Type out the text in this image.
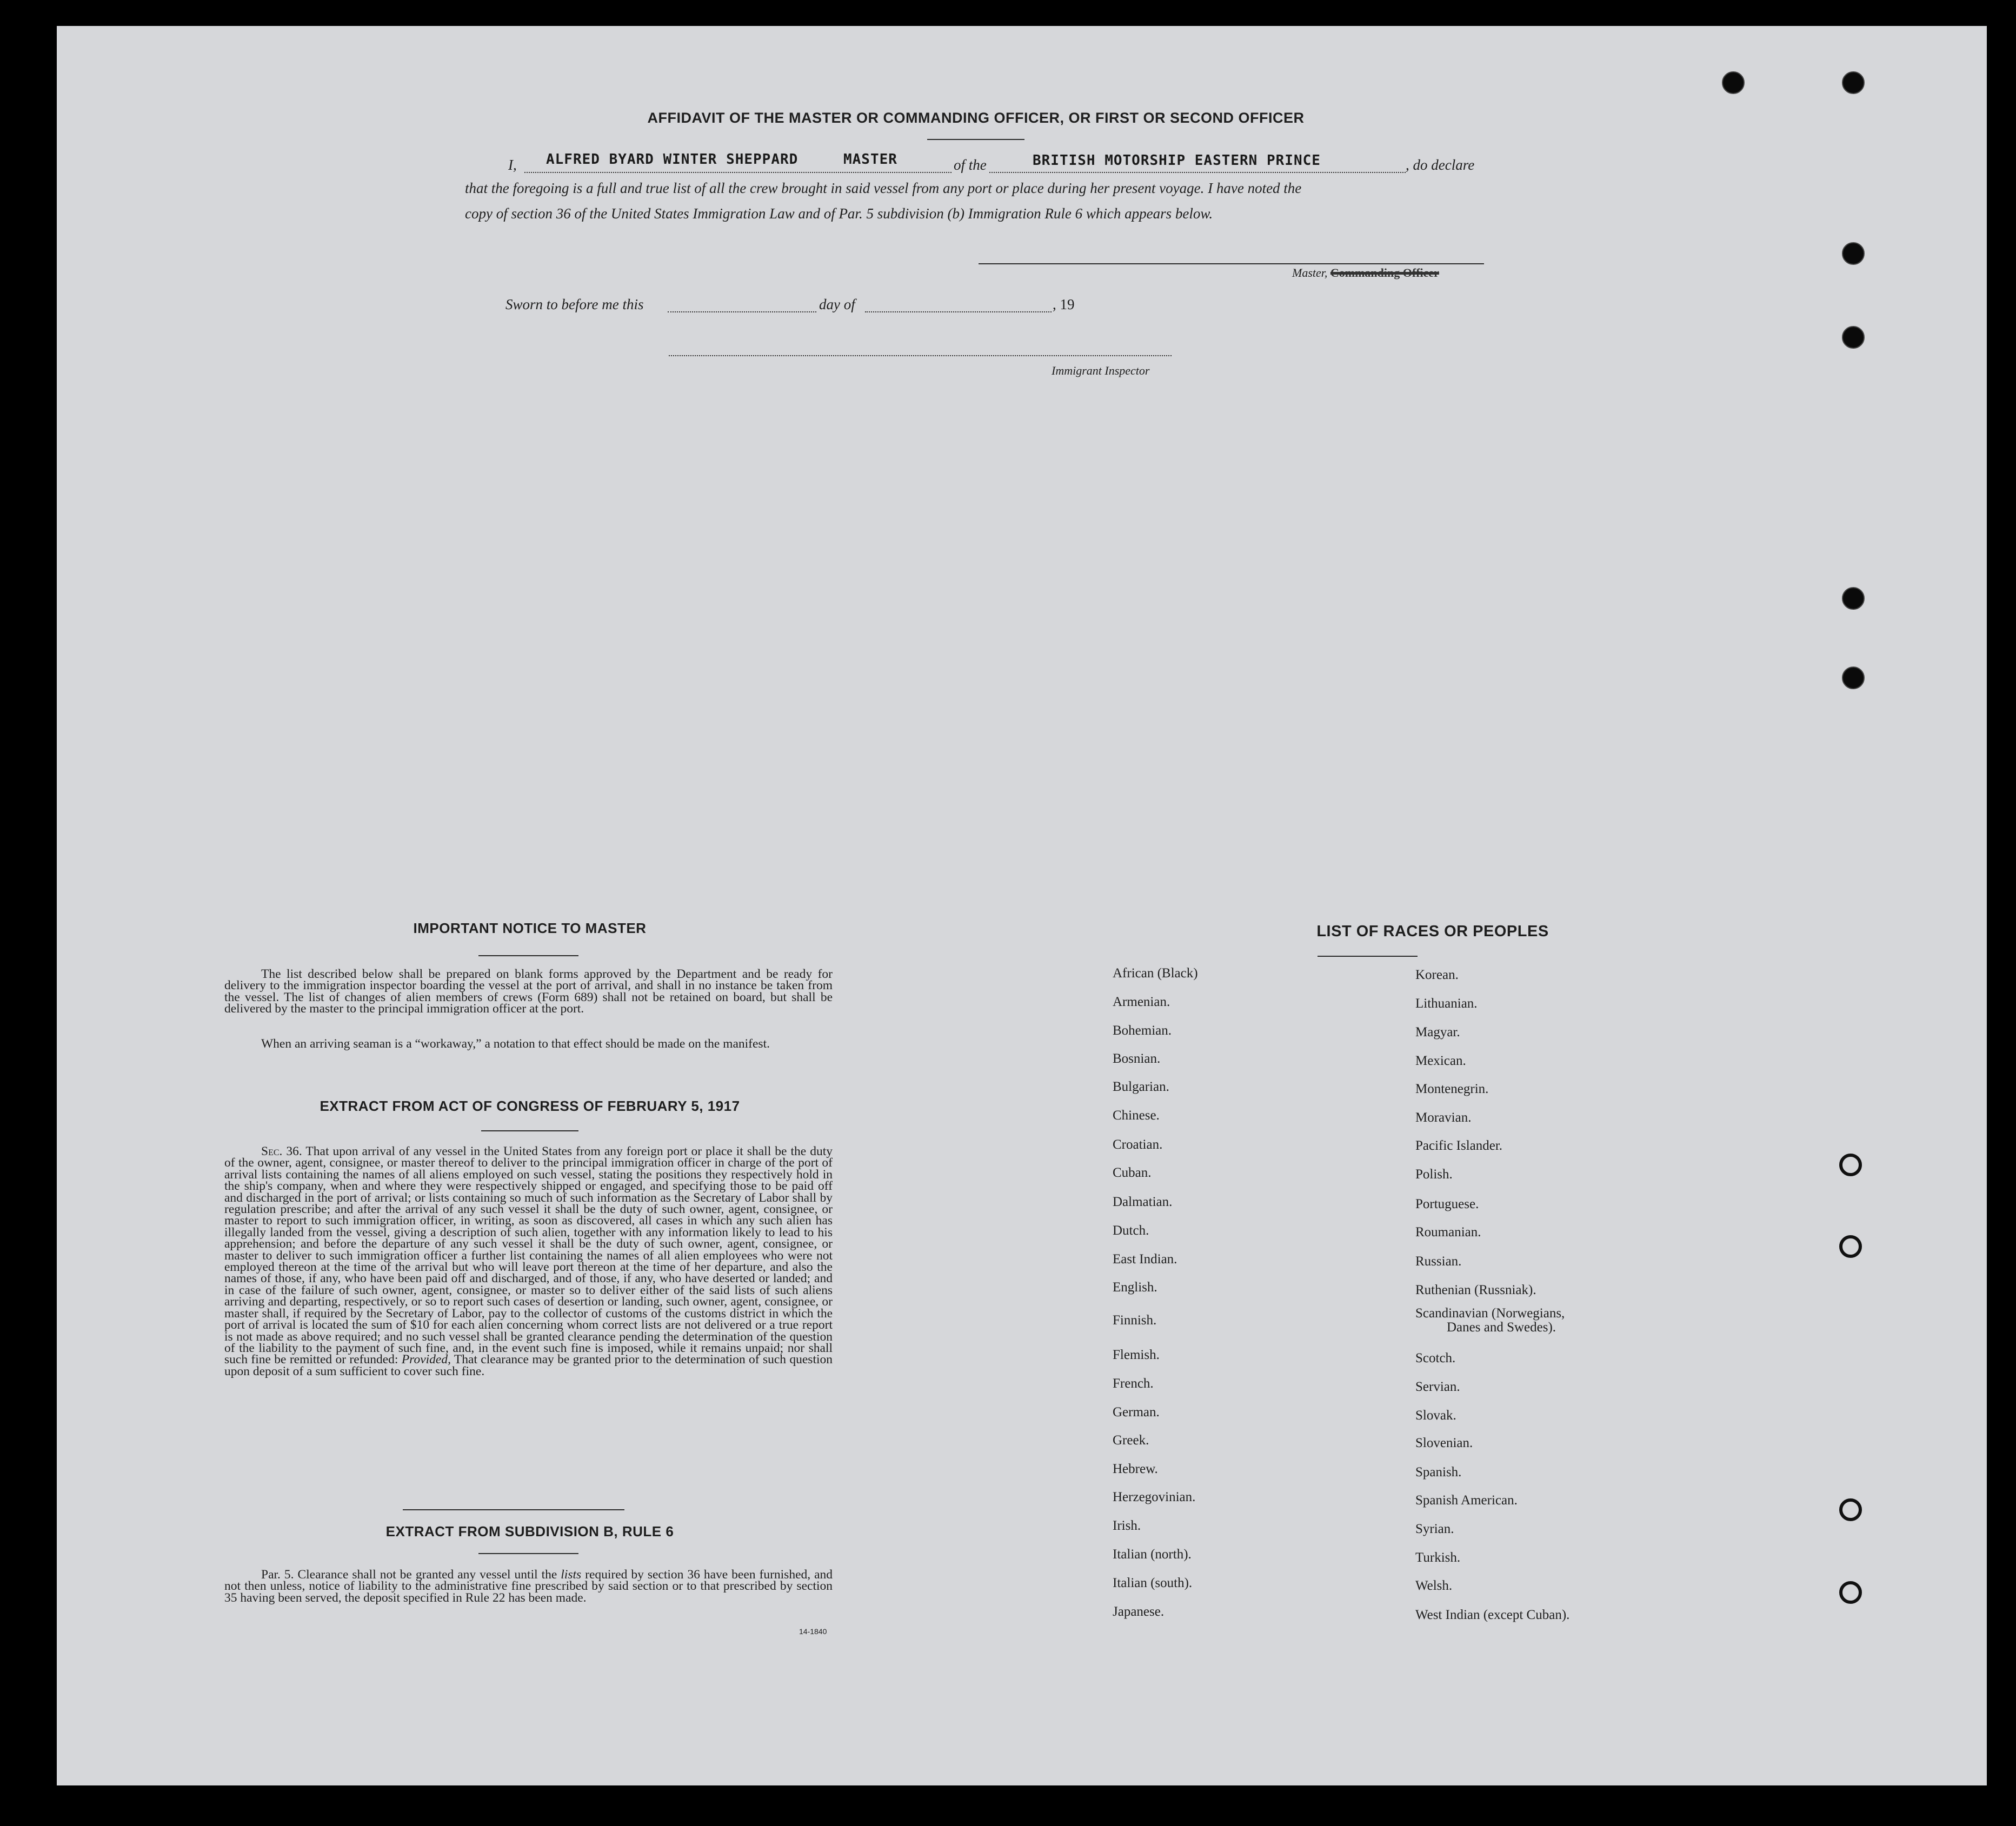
AFFIDAVIT OF THE MASTER OR COMMANDING OFFICER, OR FIRST OR SECOND OFFICER
I, ALFRED BYARD WINTER SHEPPARD	MASTER	of the	BRITISH MOTORSHIP EASTERN PRINCE	, do declare
that the foregoing is a full and true list of all the crew brought in said vessel from any port or place during her present voyage. I have noted the
copy of section 36 of the United States Immigration Law and of Par. 5 subdivision (b) Immigration Rule 6 which appears below.
Master, Commanding Officer
Sworn to before me this	day of	, 19
Immigrant Inspector
IMPORTANT NOTICE TO MASTER
The list described below shall be prepared on blank forms approved by the Department and be ready for delivery to the immigration inspector boarding the vessel at the port of arrival, and shall in no instance be taken from the vessel. The list of changes of alien members of crews (Form 689) shall not be retained on board, but shall be delivered by the master to the principal immigration officer at the port.
When an arriving seaman is a “workaway,” a notation to that effect should be made on the manifest.
EXTRACT FROM ACT OF CONGRESS OF FEBRUARY 5, 1917
Sec. 36. That upon arrival of any vessel in the United States from any foreign port or place it shall be the duty of the owner, agent, consignee, or master thereof to deliver to the principal immigration officer in charge of the port of arrival lists containing the names of all aliens employed on such vessel, stating the positions they respectively hold in the ship's company, when and where they were respectively shipped or engaged, and specifying those to be paid off and discharged in the port of arrival; or lists containing so much of such information as the Secretary of Labor shall by regulation prescribe; and after the arrival of any such vessel it shall be the duty of such owner, agent, consignee, or master to report to such immigration officer, in writing, as soon as discovered, all cases in which any such alien has illegally landed from the vessel, giving a description of such alien, together with any information likely to lead to his apprehension; and before the departure of any such vessel it shall be the duty of such owner, agent, consignee, or master to deliver to such immigration officer a further list containing the names of all alien employees who were not employed thereon at the time of the arrival but who will leave port thereon at the time of her departure, and also the names of those, if any, who have been paid off and discharged, and of those, if any, who have deserted or landed; and in case of the failure of such owner, agent, consignee, or master so to deliver either of the said lists of such aliens arriving and departing, respectively, or so to report such cases of desertion or landing, such owner, agent, consignee, or master shall, if required by the Secretary of Labor, pay to the collector of customs of the customs district in which the port of arrival is located the sum of $10 for each alien concerning whom correct lists are not delivered or a true report is not made as above required; and no such vessel shall be granted clearance pending the determination of the question of the liability to the payment of such fine, and, in the event such fine is imposed, while it remains unpaid; nor shall such fine be remitted or refunded: Provided, That clearance may be granted prior to the determination of such question upon deposit of a sum sufficient to cover such fine.
EXTRACT FROM SUBDIVISION B, RULE 6
Par. 5. Clearance shall not be granted any vessel until the lists required by section 36 have been furnished, and not then unless, notice of liability to the administrative fine prescribed by said section or to that prescribed by section 35 having been served, the deposit specified in Rule 22 has been made.
14-1840
LIST OF RACES OR PEOPLES
African (Black)
Armenian.
Bohemian.
Bosnian.
Bulgarian.
Chinese.
Croatian.
Cuban.
Dalmatian.
Dutch.
East Indian.
English.
Finnish.
Flemish.
French.
German.
Greek.
Hebrew.
Herzegovinian.
Irish.
Italian (north).
Italian (south).
Japanese.
Korean.
Lithuanian.
Magyar.
Mexican.
Montenegrin.
Moravian.
Pacific Islander.
Polish.
Portuguese.
Roumanian.
Russian.
Ruthenian (Russniak).
Scandinavian (Norwegians,
Danes and Swedes).
Scotch.
Servian.
Slovak.
Slovenian.
Spanish.
Spanish American.
Syrian.
Turkish.
Welsh.
West Indian (except Cuban).
